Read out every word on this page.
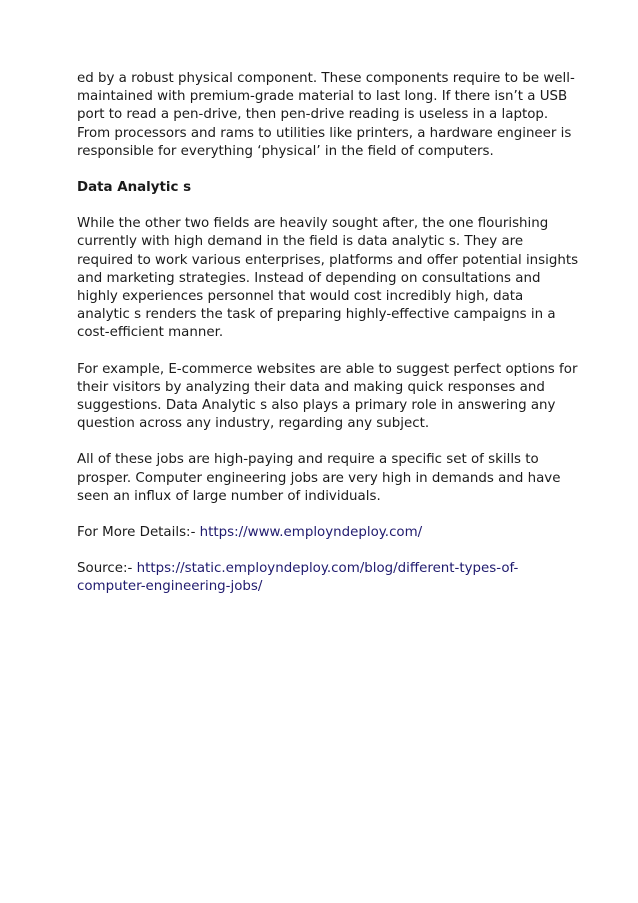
ed by a robust physical component. These components require to be well-
maintained with premium-grade material to last long. If there isn’t a USB
port to read a pen-drive, then pen-drive reading is useless in a laptop.
From processors and rams to utilities like printers, a hardware engineer is
responsible for everything ‘physical’ in the field of computers.

Data Analytic s

While the other two fields are heavily sought after, the one flourishing
currently with high demand in the field is data analytic s. They are
required to work various enterprises, platforms and offer potential insights
and marketing strategies. Instead of depending on consultations and
highly experiences personnel that would cost incredibly high, data
analytic s renders the task of preparing highly-effective campaigns in a
cost-efficient manner.

For example, E-commerce websites are able to suggest perfect options for
their visitors by analyzing their data and making quick responses and
suggestions. Data Analytic s also plays a primary role in answering any
question across any industry, regarding any subject.

All of these jobs are high-paying and require a specific set of skills to
prosper. Computer engineering jobs are very high in demands and have
seen an influx of large number of individuals.

For More Details:- https://www.employndeploy.com/

Source:- https://static.employndeploy.com/blog/different-types-of-
computer-engineering-jobs/
